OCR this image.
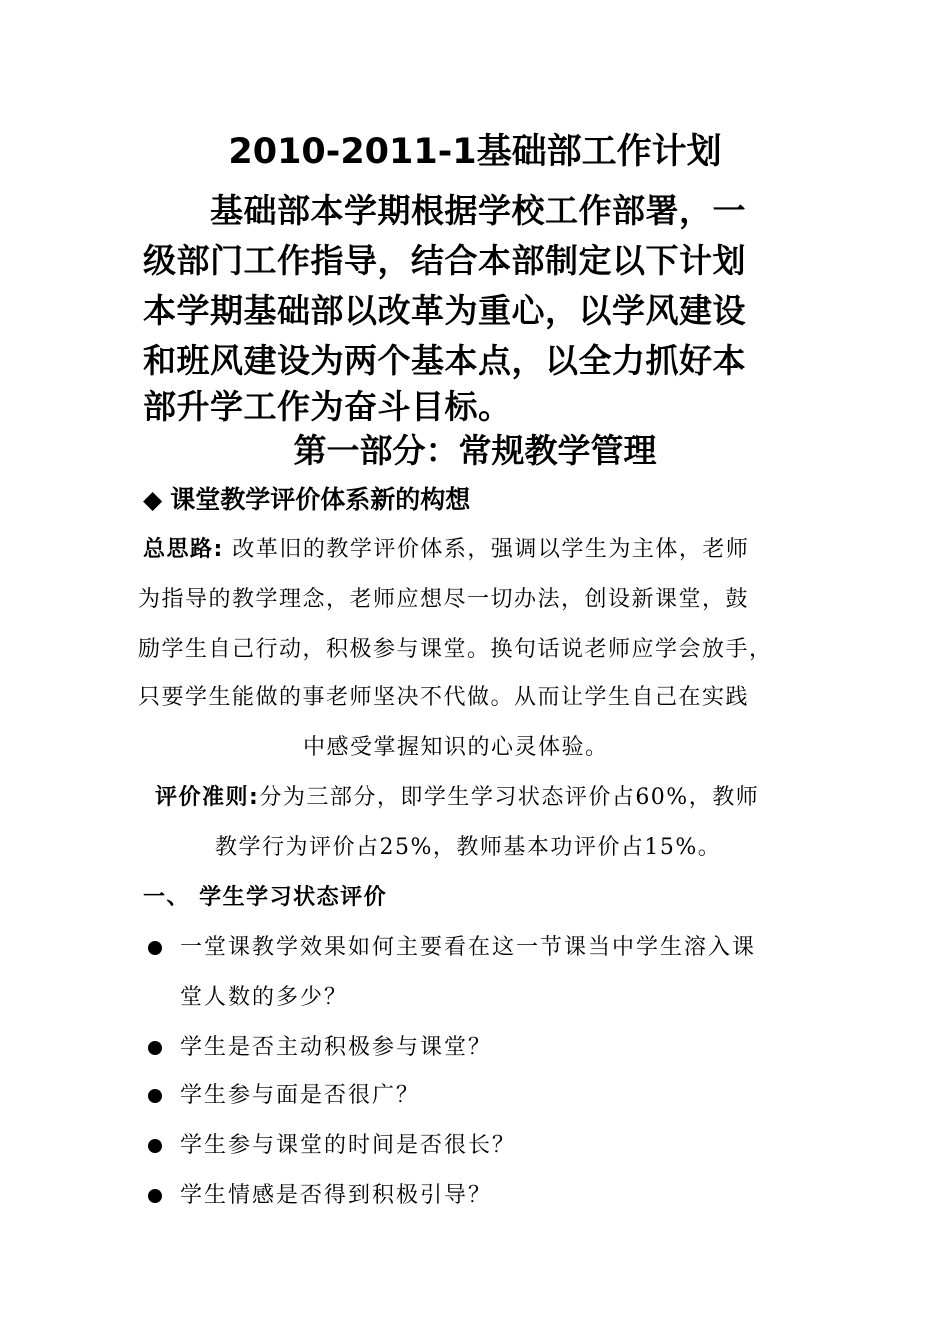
2010-2011-1基础部工作计划
基础部本学期根据学校工作部署，一
级部门工作指导，结合本部制定以下计划
本学期基础部以改革为重心，以学风建设
和班风建设为两个基本点，以全力抓好本
部升学工作为奋斗目标。
第一部分：常规教学管理
◆ 课堂教学评价体系新的构想
总思路: 改革旧的教学评价体系，强调以学生为主体，老师
为指导的教学理念，老师应想尽一切办法，创设新课堂，鼓
励学生自己行动，积极参与课堂。换句话说老师应学会放手，
只要学生能做的事老师坚决不代做。从而让学生自己在实践
中感受掌握知识的心灵体验。
评价准则:分为三部分，即学生学习状态评价占60%，教师
教学行为评价占25%，教师基本功评价占15%。
一、 学生学习状态评价
一堂课教学效果如何主要看在这一节课当中学生溶入课
堂人数的多少？
学生是否主动积极参与课堂？
学生参与面是否很广？
学生参与课堂的时间是否很长？
学生情感是否得到积极引导？
